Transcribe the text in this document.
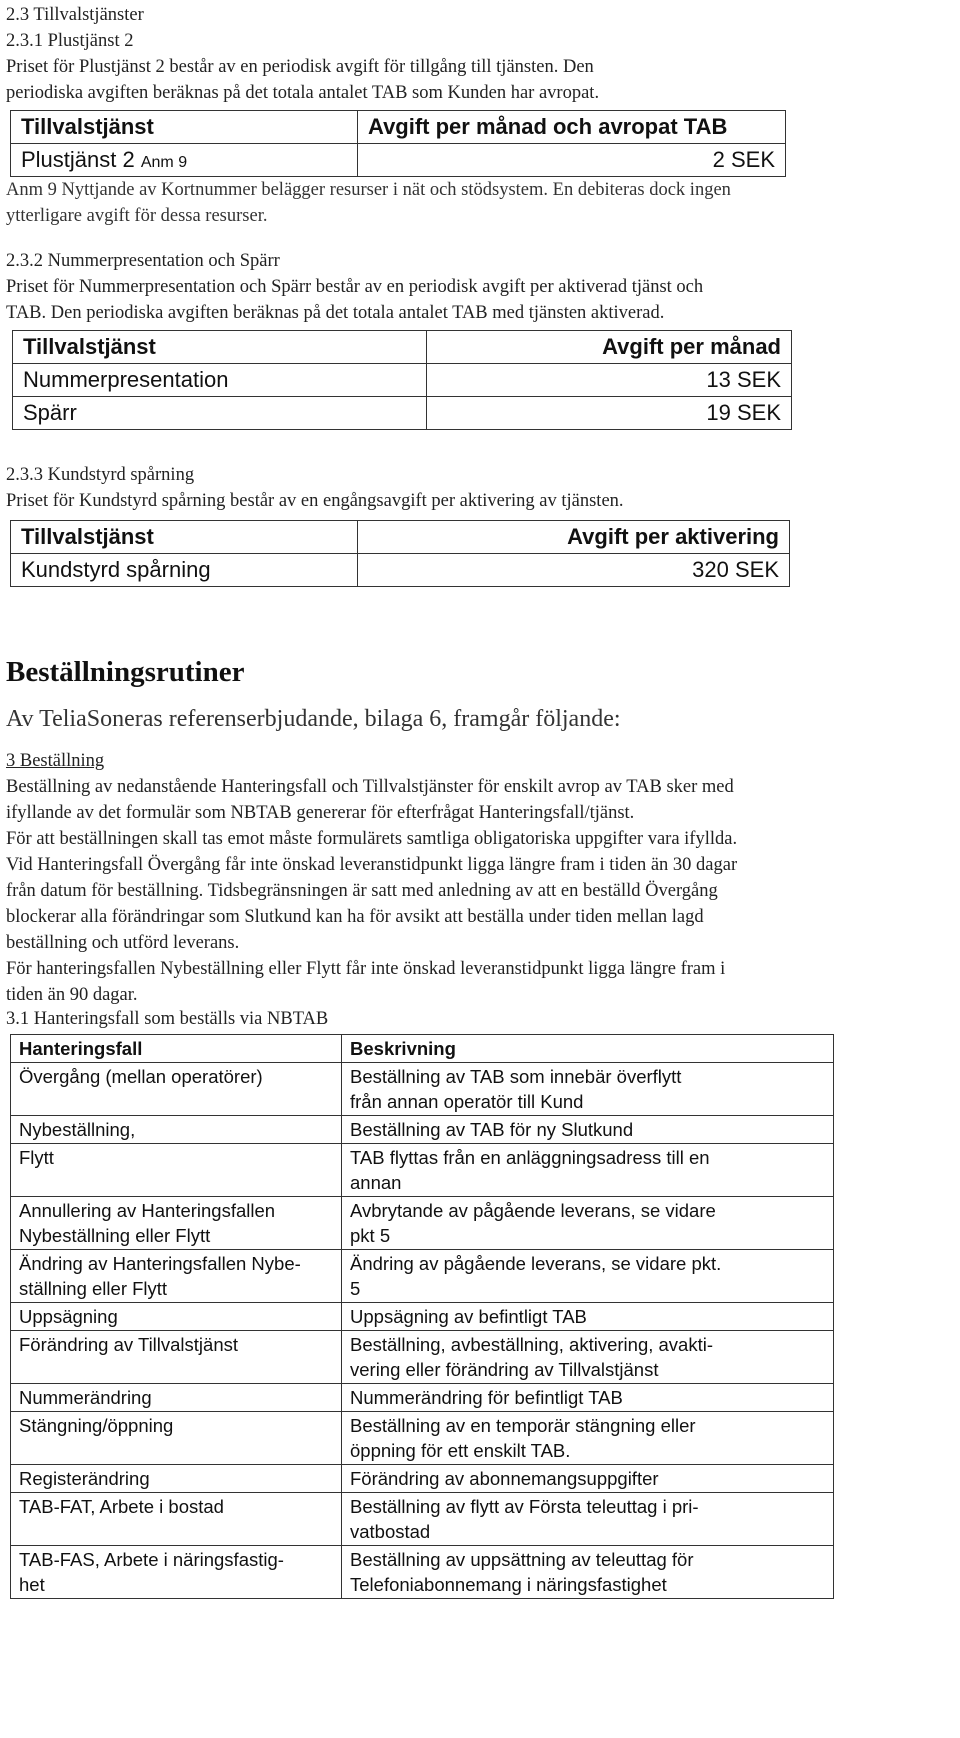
2.3 Tillvalstjänster

2.3.1 Plustjänst 2

Priset för Plustjänst 2 består av en periodisk avgift för tillgång till tjänsten. Den

periodiska avgiften beräknas på det totala antalet TAB som Kunden har avropat.

Tillvalstjänst	Avgift per månad och avropat TAB
Plustjänst 2 Anm 9	2 SEK

Anm 9 Nyttjande av Kortnummer belägger resurser i nät och stödsystem. En debiteras dock ingen

ytterligare avgift för dessa resurser.

2.3.2 Nummerpresentation och Spärr

Priset för Nummerpresentation och Spärr består av en periodisk avgift per aktiverad tjänst och

TAB. Den periodiska avgiften beräknas på det totala antalet TAB med tjänsten aktiverad.

Tillvalstjänst	Avgift per månad
Nummerpresentation	13 SEK
Spärr	19 SEK

2.3.3 Kundstyrd spårning

Priset för Kundstyrd spårning består av en engångsavgift per aktivering av tjänsten.

Tillvalstjänst	Avgift per aktivering
Kundstyrd spårning	320 SEK

Beställningsrutiner

Av TeliaSoneras referenserbjudande, bilaga 6, framgår följande:

3 Beställning

Beställning av nedanstående Hanteringsfall och Tillvalstjänster för enskilt avrop av TAB sker med

ifyllande av det formulär som NBTAB genererar för efterfrågat Hanteringsfall/tjänst.

För att beställningen skall tas emot måste formulärets samtliga obligatoriska uppgifter vara ifyllda.

Vid Hanteringsfall Övergång får inte önskad leveranstidpunkt ligga längre fram i tiden än 30 dagar

från datum för beställning. Tidsbegränsningen är satt med anledning av att en beställd Övergång

blockerar alla förändringar som Slutkund kan ha för avsikt att beställa under tiden mellan lagd

beställning och utförd leverans.

För hanteringsfallen Nybeställning eller Flytt får inte önskad leveranstidpunkt ligga längre fram i

tiden än 90 dagar.

3.1 Hanteringsfall som beställs via NBTAB

Hanteringsfall	Beskrivning

Övergång (mellan operatörer)	Beställning av TAB som innebär överflytt
från annan operatör till Kund

Nybeställning,	Beställning av TAB för ny Slutkund

Flytt	TAB flyttas från en anläggningsadress till en
annan

Annullering av Hanteringsfallen
Nybeställning eller Flytt	Avbrytande av pågående leverans, se vidare
pkt 5

Ändring av Hanteringsfallen Nybe-
ställning eller Flytt	Ändring av pågående leverans, se vidare pkt.
5

Uppsägning	Uppsägning av befintligt TAB

Förändring av Tillvalstjänst	Beställning, avbeställning, aktivering, avakti-
vering eller förändring av Tillvalstjänst

Nummerändring	Nummerändring för befintligt TAB

Stängning/öppning	Beställning av en temporär stängning eller
öppning för ett enskilt TAB.

Registerändring	Förändring av abonnemangsuppgifter

TAB-FAT, Arbete i bostad	Beställning av flytt av Första teleuttag i pri-
vatbostad

TAB-FAS, Arbete i näringsfastig-
het	Beställning av uppsättning av teleuttag för
Telefoniabonnemang i näringsfastighet
